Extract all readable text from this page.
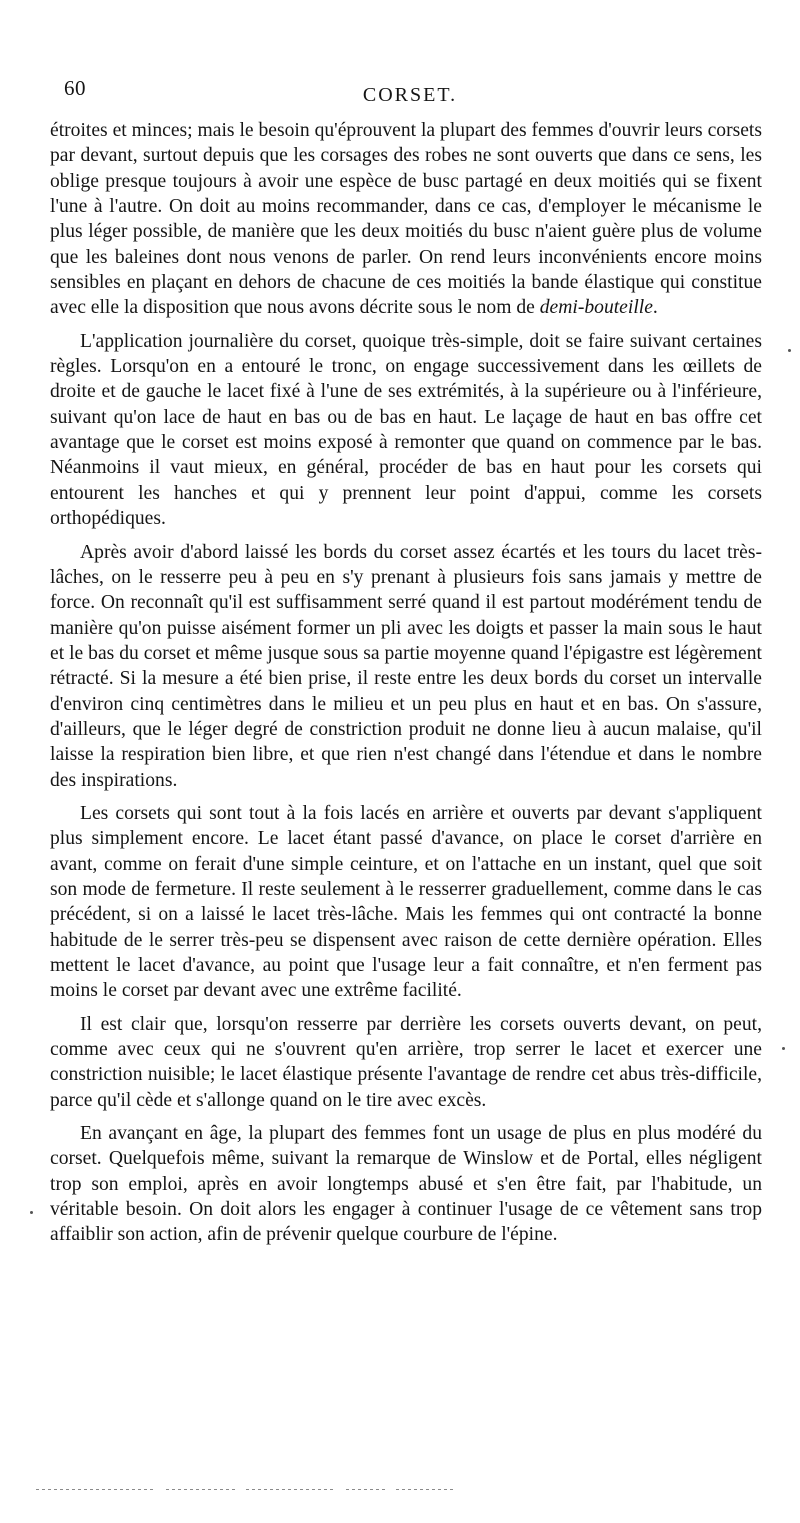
60	CORSET.

étroites et minces; mais le besoin qu'éprouvent la plupart des femmes d'ouvrir leurs corsets par devant, surtout depuis que les corsages des robes ne sont ouverts que dans ce sens, les oblige presque toujours à avoir une espèce de busc partagé en deux moitiés qui se fixent l'une à l'autre. On doit au moins recommander, dans ce cas, d'employer le mécanisme le plus léger possible, de manière que les deux moitiés du busc n'aient guère plus de volume que les baleines dont nous venons de parler. On rend leurs inconvénients encore moins sensibles en plaçant en dehors de chacune de ces moitiés la bande élastique qui constitue avec elle la disposition que nous avons décrite sous le nom de demi-bouteille.

L'application journalière du corset, quoique très-simple, doit se faire suivant certaines règles. Lorsqu'on en a entouré le tronc, on engage successivement dans les œillets de droite et de gauche le lacet fixé à l'une de ses extrémités, à la supérieure ou à l'inférieure, suivant qu'on lace de haut en bas ou de bas en haut. Le laçage de haut en bas offre cet avantage que le corset est moins exposé à remonter que quand on commence par le bas. Néanmoins il vaut mieux, en général, procéder de bas en haut pour les corsets qui entourent les hanches et qui y prennent leur point d'appui, comme les corsets orthopédiques.

Après avoir d'abord laissé les bords du corset assez écartés et les tours du lacet très-lâches, on le resserre peu à peu en s'y prenant à plusieurs fois sans jamais y mettre de force. On reconnaît qu'il est suffisamment serré quand il est partout modérément tendu de manière qu'on puisse aisément former un pli avec les doigts et passer la main sous le haut et le bas du corset et même jusque sous sa partie moyenne quand l'épigastre est légèrement rétracté. Si la mesure a été bien prise, il reste entre les deux bords du corset un intervalle d'environ cinq centimètres dans le milieu et un peu plus en haut et en bas. On s'assure, d'ailleurs, que le léger degré de constriction produit ne donne lieu à aucun malaise, qu'il laisse la respiration bien libre, et que rien n'est changé dans l'étendue et dans le nombre des inspirations.

Les corsets qui sont tout à la fois lacés en arrière et ouverts par devant s'appliquent plus simplement encore. Le lacet étant passé d'avance, on place le corset d'arrière en avant, comme on ferait d'une simple ceinture, et on l'attache en un instant, quel que soit son mode de fermeture. Il reste seulement à le resserrer graduellement, comme dans le cas précédent, si on a laissé le lacet très-lâche. Mais les femmes qui ont contracté la bonne habitude de le serrer très-peu se dispensent avec raison de cette dernière opération. Elles mettent le lacet d'avance, au point que l'usage leur a fait connaître, et n'en ferment pas moins le corset par devant avec une extrême facilité.

Il est clair que, lorsqu'on resserre par derrière les corsets ouverts devant, on peut, comme avec ceux qui ne s'ouvrent qu'en arrière, trop serrer le lacet et exercer une constriction nuisible; le lacet élastique présente l'avantage de rendre cet abus très-difficile, parce qu'il cède et s'allonge quand on le tire avec excès.

En avançant en âge, la plupart des femmes font un usage de plus en plus modéré du corset. Quelquefois même, suivant la remarque de Winslow et de Portal, elles négligent trop son emploi, après en avoir longtemps abusé et s'en être fait, par l'habitude, un véritable besoin. On doit alors les engager à continuer l'usage de ce vêtement sans trop affaiblir son action, afin de prévenir quelque courbure de l'épine.
